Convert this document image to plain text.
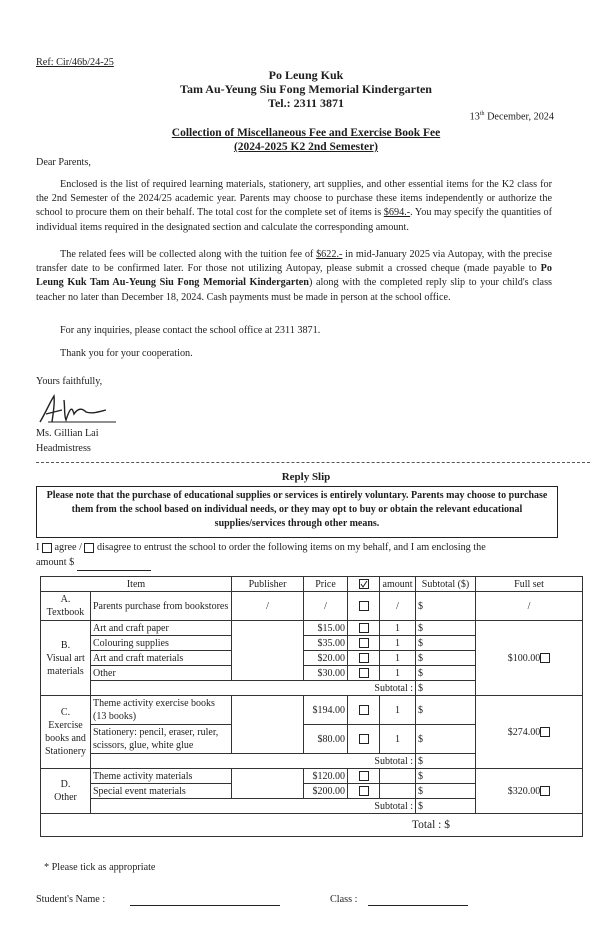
Ref: Cir/46b/24-25
Po Leung Kuk
Tam Au-Yeung Siu Fong Memorial Kindergarten
Tel.: 2311 3871
13th December, 2024
Collection of Miscellaneous Fee and Exercise Book Fee
(2024-2025 K2 2nd Semester)
Dear Parents,
Enclosed is the list of required learning materials, stationery, art supplies, and other essential items for the K2 class for the 2nd Semester of the 2024/25 academic year. Parents may choose to purchase these items independently or authorize the school to procure them on their behalf. The total cost for the complete set of items is $694.-. You may specify the quantities of individual items required in the designated section and calculate the corresponding amount.
The related fees will be collected along with the tuition fee of $622.- in mid-January 2025 via Autopay, with the precise transfer date to be confirmed later. For those not utilizing Autopay, please submit a crossed cheque (made payable to Po Leung Kuk Tam Au-Yeung Siu Fong Memorial Kindergarten) along with the completed reply slip to your child's class teacher no later than December 18, 2024. Cash payments must be made in person at the school office.
For any inquiries, please contact the school office at 2311 3871.
Thank you for your cooperation.
Yours faithfully,
Ms. Gillian Lai
Headmistress
Reply Slip
Please note that the purchase of educational supplies or services is entirely voluntary. Parents may choose to purchase them from the school based on individual needs, or they may opt to buy or obtain the relevant educational supplies/services through other means.
I agree / disagree to entrust the school to order the following items on my behalf, and I am enclosing the
amount $
Item		Publisher	Price		amount	Subtotal ($)	Full set
A.
Textbook	Parents purchase from bookstores	/	/		/	$	/
B.
Visual art materials	Art and craft paper		$15.00		1	$	$100.00
	Colouring supplies		$35.00		1	$	
	Art and craft materials		$20.00		1	$	
	Other		$30.00		1	$	
	Subtotal :					$	
C.
Exercise books and Stationery	Theme activity exercise books (13 books)		$194.00		1	$	$274.00
	Stationery: pencil, eraser, ruler, scissors, glue, white glue		$80.00		1	$	
	Subtotal :					$	
D.
Other	Theme activity materials		$120.00			$	$320.00
	Special event materials		$200.00			$	
	Subtotal :					$	
Total : $							
* Please tick as appropriate
Student's Name :	Class :
